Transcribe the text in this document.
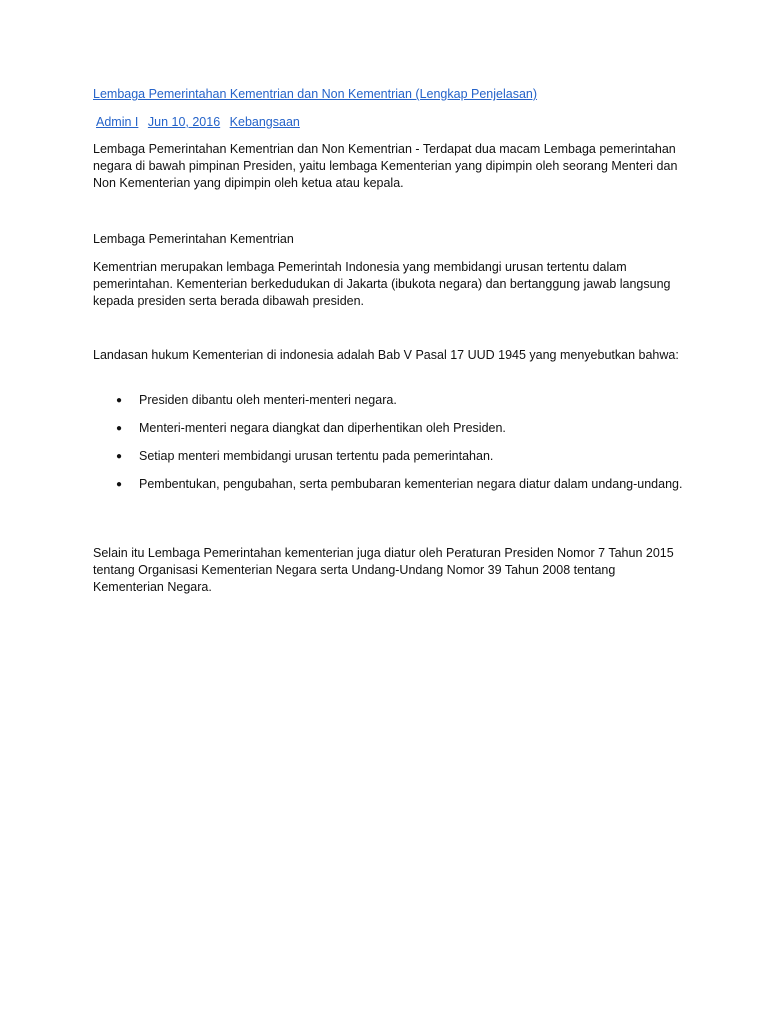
Lembaga Pemerintahan Kementrian dan Non Kementrian (Lengkap Penjelasan)
Admin I Jun 10, 2016 Kebangsaan
Lembaga Pemerintahan Kementrian dan Non Kementrian - Terdapat dua macam Lembaga pemerintahan negara di bawah pimpinan Presiden, yaitu lembaga Kementerian yang dipimpin oleh seorang Menteri dan Non Kementerian yang dipimpin oleh ketua atau kepala.
Lembaga Pemerintahan Kementrian
Kementrian merupakan lembaga Pemerintah Indonesia yang membidangi urusan tertentu dalam pemerintahan. Kementerian berkedudukan di Jakarta (ibukota negara) dan bertanggung jawab langsung kepada presiden serta berada dibawah presiden.
Landasan hukum Kementerian di indonesia adalah Bab V Pasal 17 UUD 1945 yang menyebutkan bahwa:
● Presiden dibantu oleh menteri-menteri negara.
● Menteri-menteri negara diangkat dan diperhentikan oleh Presiden.
● Setiap menteri membidangi urusan tertentu pada pemerintahan.
● Pembentukan, pengubahan, serta pembubaran kementerian negara diatur dalam undang-undang.
Selain itu Lembaga Pemerintahan kementerian juga diatur oleh Peraturan Presiden Nomor 7 Tahun 2015 tentang Organisasi Kementerian Negara serta Undang-Undang Nomor 39 Tahun 2008 tentang Kementerian Negara.
